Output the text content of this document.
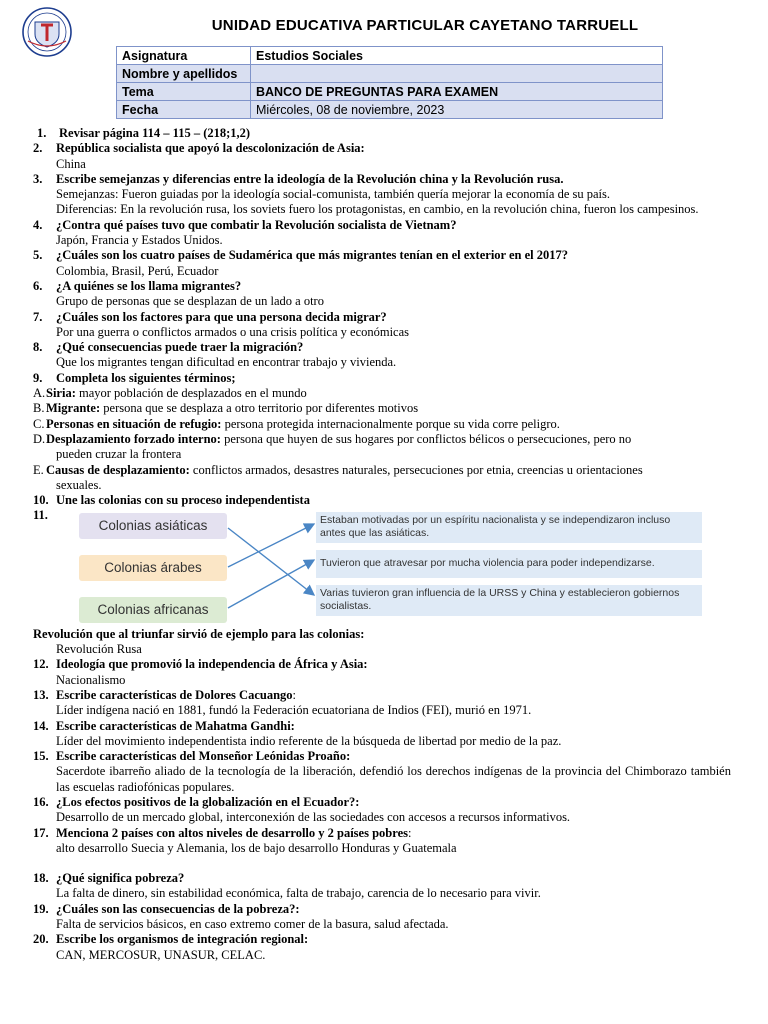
UNIDAD EDUCATIVA PARTICULAR CAYETANO TARRUELL
Asignatura	Estudios Sociales
Nombre y apellidos	
Tema	BANCO DE PREGUNTAS PARA EXAMEN
Fecha	Miércoles, 08 de noviembre, 2023
1.	Revisar página 114 – 115 – (218;1,2)
2.	República socialista que apoyó la descolonización de Asia:
China
3.	Escribe semejanzas y diferencias entre la ideología de la Revolución china y la Revolución rusa.
Semejanzas: Fueron guiadas por la ideología social-comunista, también quería mejorar la economía de su país.
Diferencias: En la revolución rusa, los soviets fuero los protagonistas, en cambio, en la revolución china, fueron los campesinos.
4.	¿Contra qué países tuvo que combatir la Revolución socialista de Vietnam?
Japón, Francia y Estados Unidos.
5.	¿Cuáles son los cuatro países de Sudamérica que más migrantes tenían en el exterior en el 2017?
Colombia, Brasil, Perú, Ecuador
6.	¿A quiénes se los llama migrantes?
Grupo de personas que se desplazan de un lado a otro
7.	¿Cuáles son los factores para que una persona decida migrar?
Por una guerra o conflictos armados o una crisis política y económicas
8.	¿Qué consecuencias puede traer la migración?
Que los migrantes tengan dificultad en encontrar trabajo y vivienda.
9.	Completa los siguientes términos;
A. Siria: mayor población de desplazados en el mundo
B. Migrante: persona que se desplaza a otro territorio por diferentes motivos
C. Personas en situación de refugio: persona protegida internacionalmente porque su vida corre peligro.
D. Desplazamiento forzado interno: persona que huyen de sus hogares por conflictos bélicos o persecuciones, pero no
pueden cruzar la frontera
E. Causas de desplazamiento: conflictos armados, desastres naturales, persecuciones por etnia, creencias u orientaciones
sexuales.
10. Une las colonias con su proceso independentista
11.
Colonias asiáticas
Colonias árabes
Colonias africanas
Estaban motivadas por un espíritu nacionalista y se independizaron incluso antes que las asiáticas.
Tuvieron que atravesar por mucha violencia para poder independizarse.
Varias tuvieron gran influencia de la URSS y China y establecieron gobiernos socialistas.
Revolución que al triunfar sirvió de ejemplo para las colonias:
Revolución Rusa
12. Ideología que promovió la independencia de África y Asia:
Nacionalismo
13. Escribe características de Dolores Cacuango:
Líder indígena nació en 1881, fundó la Federación ecuatoriana de Indios (FEI), murió en 1971.
14. Escribe características de Mahatma Gandhi:
Líder del movimiento independentista indio referente de la búsqueda de libertad por medio de la paz.
15. Escribe características del Monseñor Leónidas Proaño:
Sacerdote ibarreño aliado de la tecnología de la liberación, defendió los derechos indígenas de la provincia del Chimborazo también las escuelas radiofónicas populares.
16. ¿Los efectos positivos de la globalización en el Ecuador?:
Desarrollo de un mercado global, interconexión de las sociedades con accesos a recursos informativos.
17. Menciona 2 países con altos niveles de desarrollo y 2 países pobres:
alto desarrollo Suecia y Alemania, los de bajo desarrollo Honduras y Guatemala
18. ¿Qué significa pobreza?
La falta de dinero, sin estabilidad económica, falta de trabajo, carencia de lo necesario para vivir.
19. ¿Cuáles son las consecuencias de la pobreza?:
Falta de servicios básicos, en caso extremo comer de la basura, salud afectada.
20. Escribe los organismos de integración regional:
CAN, MERCOSUR, UNASUR, CELAC.
